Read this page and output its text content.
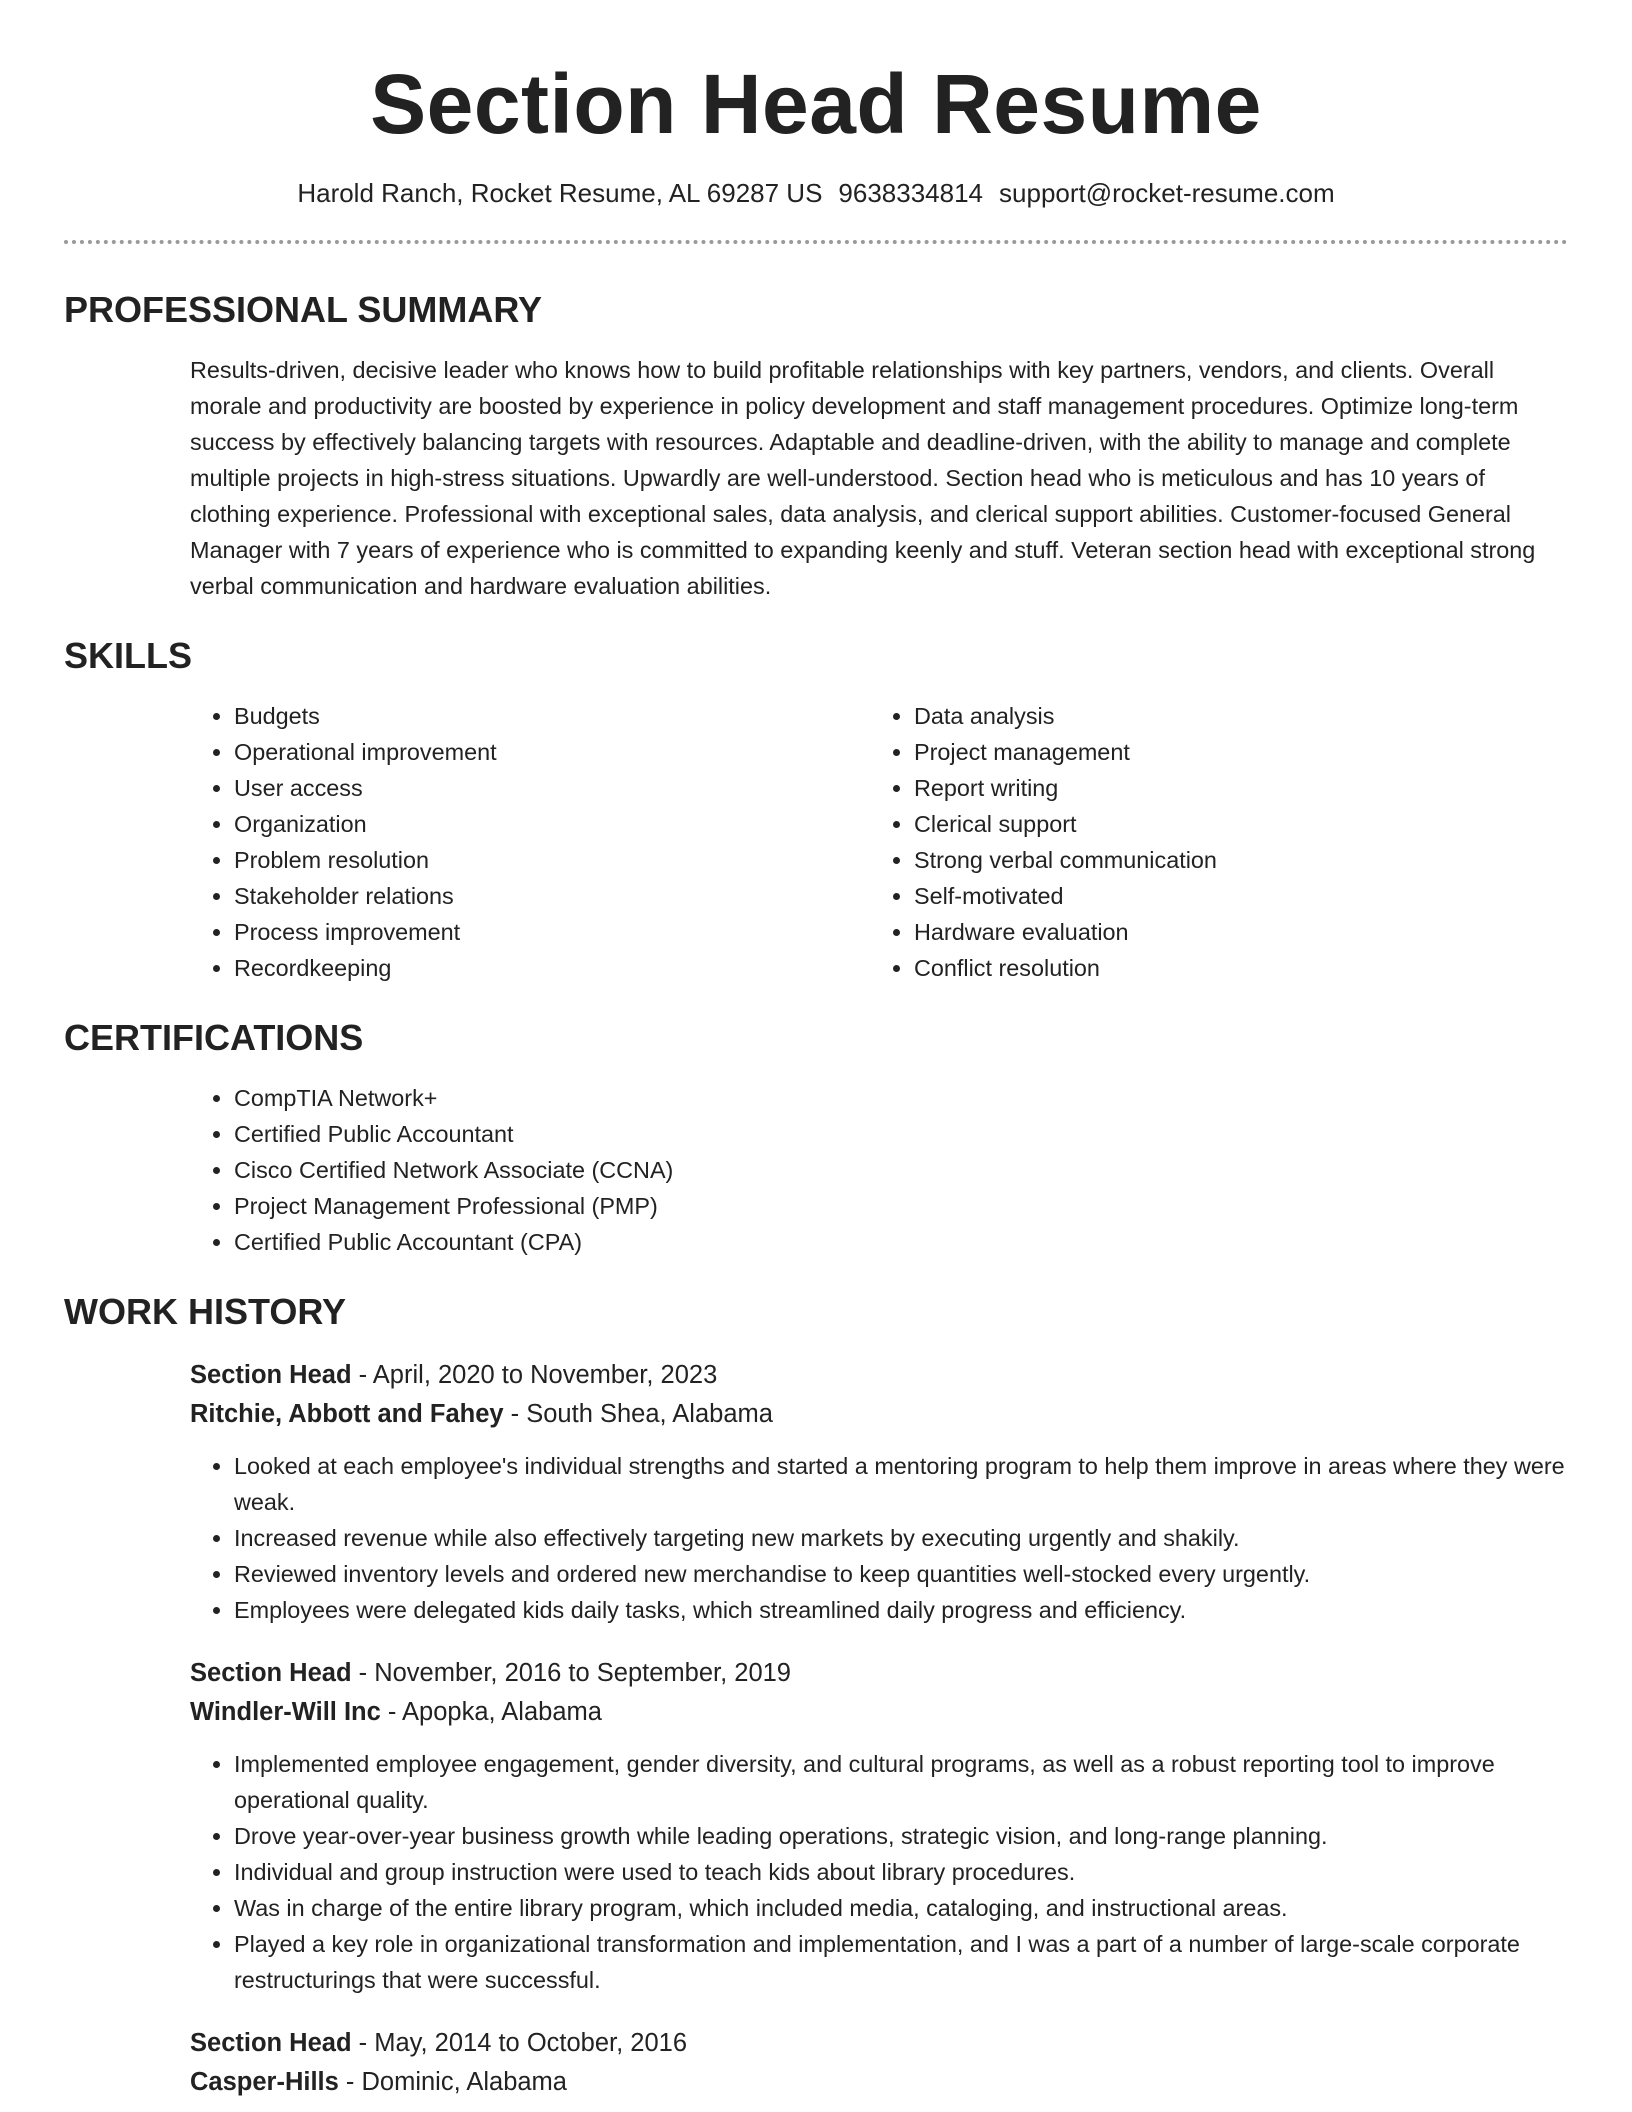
Section Head Resume
Harold Ranch, Rocket Resume, AL 69287 US 9638334814 support@rocket-resume.com
PROFESSIONAL SUMMARY
Results-driven, decisive leader who knows how to build profitable relationships with key partners, vendors, and clients. Overall morale and productivity are boosted by experience in policy development and staff management procedures. Optimize long-term success by effectively balancing targets with resources. Adaptable and deadline-driven, with the ability to manage and complete multiple projects in high-stress situations. Upwardly are well-understood. Section head who is meticulous and has 10 years of clothing experience. Professional with exceptional sales, data analysis, and clerical support abilities. Customer-focused General Manager with 7 years of experience who is committed to expanding keenly and stuff. Veteran section head with exceptional strong verbal communication and hardware evaluation abilities.
SKILLS
• Budgets
• Operational improvement
• User access
• Organization
• Problem resolution
• Stakeholder relations
• Process improvement
• Recordkeeping
• Data analysis
• Project management
• Report writing
• Clerical support
• Strong verbal communication
• Self-motivated
• Hardware evaluation
• Conflict resolution
CERTIFICATIONS
• CompTIA Network+
• Certified Public Accountant
• Cisco Certified Network Associate (CCNA)
• Project Management Professional (PMP)
• Certified Public Accountant (CPA)
WORK HISTORY
Section Head - April, 2020 to November, 2023
Ritchie, Abbott and Fahey - South Shea, Alabama
• Looked at each employee's individual strengths and started a mentoring program to help them improve in areas where they were weak.
• Increased revenue while also effectively targeting new markets by executing urgently and shakily.
• Reviewed inventory levels and ordered new merchandise to keep quantities well-stocked every urgently.
• Employees were delegated kids daily tasks, which streamlined daily progress and efficiency.
Section Head - November, 2016 to September, 2019
Windler-Will Inc - Apopka, Alabama
• Implemented employee engagement, gender diversity, and cultural programs, as well as a robust reporting tool to improve operational quality.
• Drove year-over-year business growth while leading operations, strategic vision, and long-range planning.
• Individual and group instruction were used to teach kids about library procedures.
• Was in charge of the entire library program, which included media, cataloging, and instructional areas.
• Played a key role in organizational transformation and implementation, and I was a part of a number of large-scale corporate restructurings that were successful.
Section Head - May, 2014 to October, 2016
Casper-Hills - Dominic, Alabama
